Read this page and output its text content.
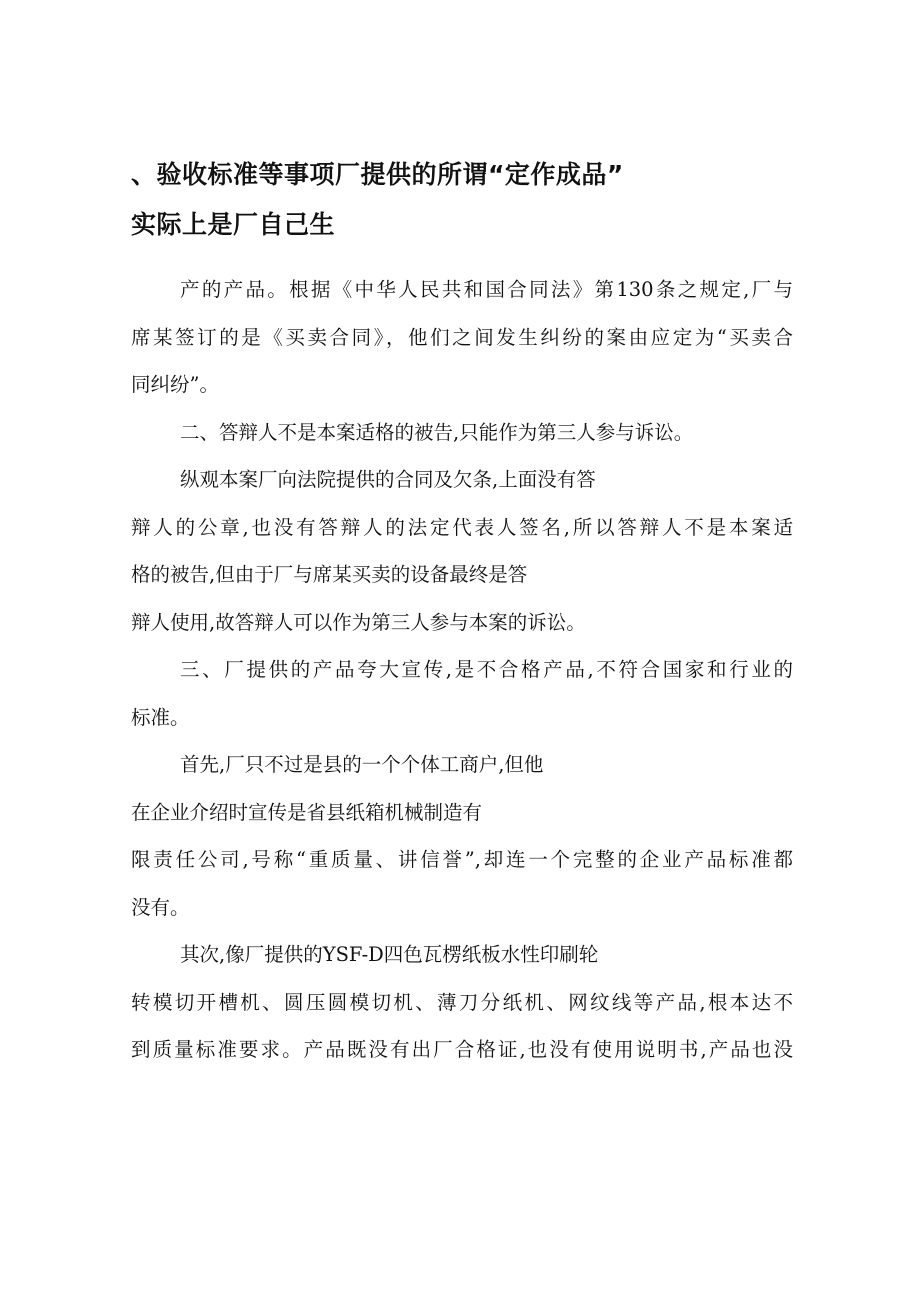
、验收标准等事项厂提供的所谓“定作成品”
实际上是厂自己生
产的产品。根据《中华人民共和国合同法》第130条之规定,厂与
席某签订的是《买卖合同》，他们之间发生纠纷的案由应定为“买卖合
同纠纷”。
二、答辩人不是本案适格的被告,只能作为第三人参与诉讼。
纵观本案厂向法院提供的合同及欠条,上面没有答
辩人的公章,也没有答辩人的法定代表人签名,所以答辩人不是本案适
格的被告,但由于厂与席某买卖的设备最终是答
辩人使用,故答辩人可以作为第三人参与本案的诉讼。
三、厂提供的产品夸大宣传,是不合格产品,不符合国家和行业的
标准。
首先,厂只不过是县的一个个体工商户,但他
在企业介绍时宣传是省县纸箱机械制造有
限责任公司,号称“重质量、讲信誉”,却连一个完整的企业产品标准都
没有。
其次,像厂提供的YSF-D四色瓦楞纸板水性印刷轮
转模切开槽机、圆压圆模切机、薄刀分纸机、网纹线等产品,根本达不
到质量标准要求。产品既没有出厂合格证,也没有使用说明书,产品也没
